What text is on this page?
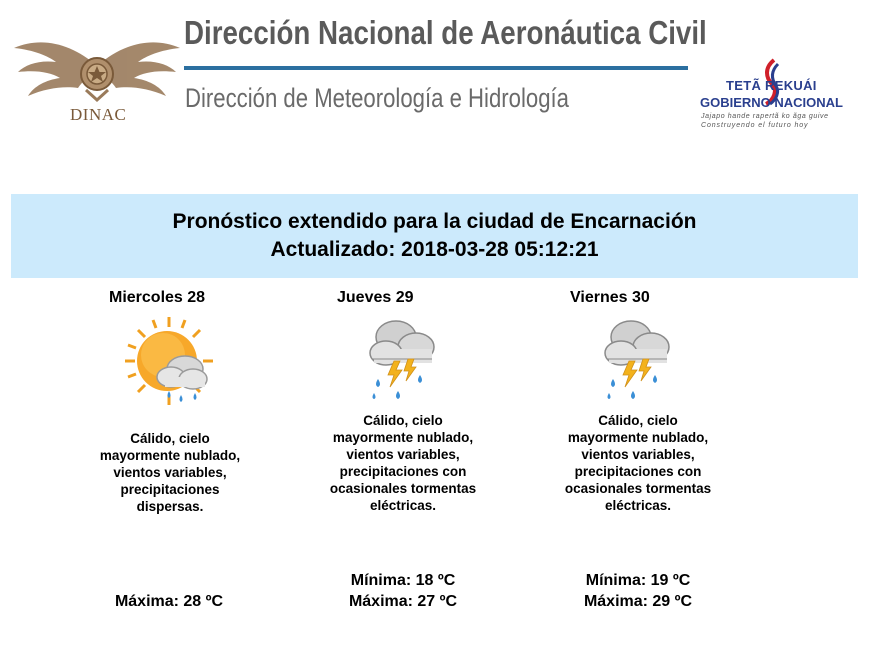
DINAC
Dirección Nacional de Aeronáutica Civil
Dirección de Meteorología e Hidrología	TETÃ REKUÁI
GOBIERNO NACIONAL
Jajapo hande rapertã ko ãga guive
Construyendo el futuro hoy
Pronóstico extendido para la ciudad de Encarnación
Actualizado: 2018-03-28 05:12:21
Miercoles 28
Cálido, cielo mayormente nublado, vientos variables, precipitaciones dispersas.
Máxima: 28 ºC
Jueves 29
Cálido, cielo mayormente nublado, vientos variables, precipitaciones con ocasionales tormentas eléctricas.
Mínima: 18 ºC
Máxima: 27 ºC
Viernes 30
Cálido, cielo mayormente nublado, vientos variables, precipitaciones con ocasionales tormentas eléctricas.
Mínima: 19 ºC
Máxima: 29 ºC
